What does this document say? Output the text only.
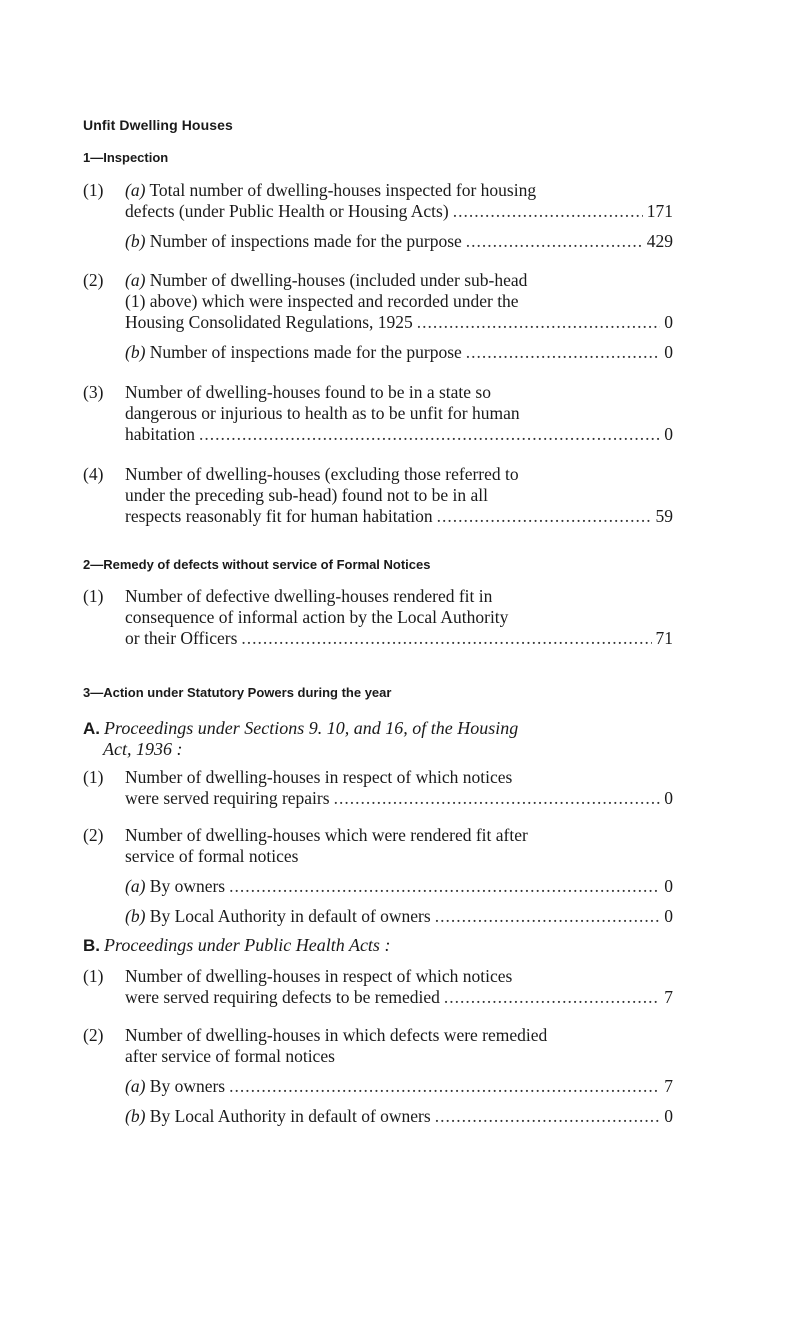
Unfit Dwelling Houses
1—Inspection
(1) (a) Total number of dwelling-houses inspected for housing
defects (under Public Health or Housing Acts) .....	171
(b) Number of inspections made for the purpose .....	429
(2) (a) Number of dwelling-houses (included under sub-head
(1) above) which were inspected and recorded under the
Housing Consolidated Regulations, 1925 .....	0
(b) Number of inspections made for the purpose .....	0
(3) Number of dwelling-houses found to be in a state so
dangerous or injurious to health as to be unfit for human
habitation .....	0
(4) Number of dwelling-houses (excluding those referred to
under the preceding sub-head) found not to be in all
respects reasonably fit for human habitation .....	59
2—Remedy of defects without service of Formal Notices
(1) Number of defective dwelling-houses rendered fit in
consequence of informal action by the Local Authority
or their Officers .....	71
3—Action under Statutory Powers during the year
A. Proceedings under Sections 9. 10, and 16, of the Housing
Act, 1936 :
(1) Number of dwelling-houses in respect of which notices
were served requiring repairs .....	0
(2) Number of dwelling-houses which were rendered fit after
service of formal notices
(a) By owners .....	0
(b) By Local Authority in default of owners .....	0
B. Proceedings under Public Health Acts :
(1) Number of dwelling-houses in respect of which notices
were served requiring defects to be remedied .....	7
(2) Number of dwelling-houses in which defects were remedied
after service of formal notices
(a) By owners .....	7
(b) By Local Authority in default of owners .....	0
